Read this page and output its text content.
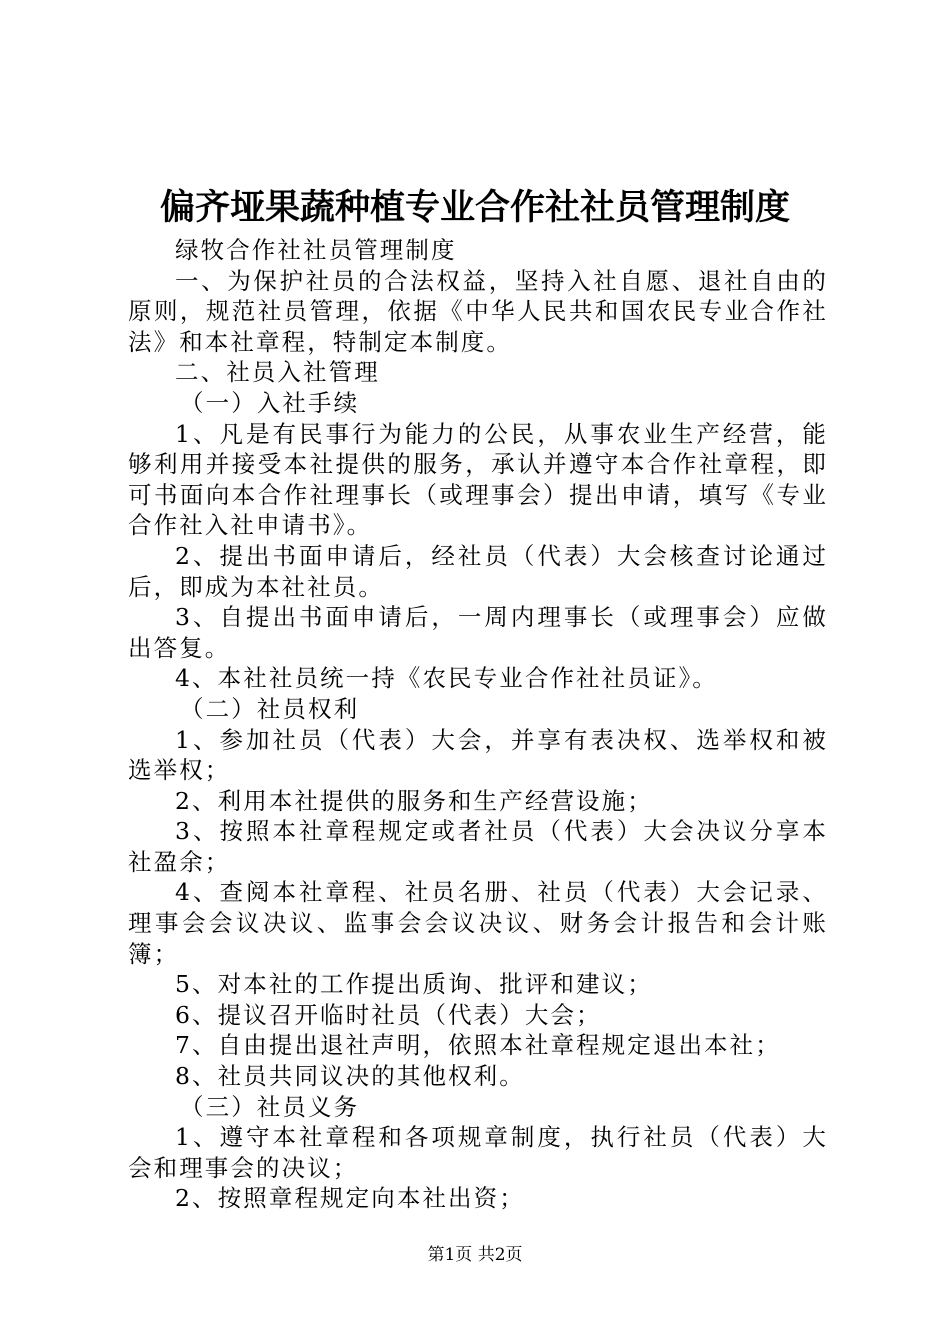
偏齐垭果蔬种植专业合作社社员管理制度

绿牧合作社社员管理制度

一、为保护社员的合法权益，坚持入社自愿、退社自由的原则，规范社员管理，依据《中华人民共和国农民专业合作社法》和本社章程，特制定本制度。

二、社员入社管理

（一）入社手续

1、凡是有民事行为能力的公民，从事农业生产经营，能够利用并接受本社提供的服务，承认并遵守本合作社章程，即可书面向本合作社理事长（或理事会）提出申请，填写《专业合作社入社申请书》。

2、提出书面申请后，经社员（代表）大会核查讨论通过后，即成为本社社员。

3、自提出书面申请后，一周内理事长（或理事会）应做出答复。

4、本社社员统一持《农民专业合作社社员证》。

（二）社员权利

1、参加社员（代表）大会，并享有表决权、选举权和被选举权；

2、利用本社提供的服务和生产经营设施；

3、按照本社章程规定或者社员（代表）大会决议分享本社盈余；

4、查阅本社章程、社员名册、社员（代表）大会记录、理事会会议决议、监事会会议决议、财务会计报告和会计账簿；

5、对本社的工作提出质询、批评和建议；

6、提议召开临时社员（代表）大会；

7、自由提出退社声明，依照本社章程规定退出本社；

8、社员共同议决的其他权利。

（三）社员义务

1、遵守本社章程和各项规章制度，执行社员（代表）大会和理事会的决议；

2、按照章程规定向本社出资；

第1页 共2页
